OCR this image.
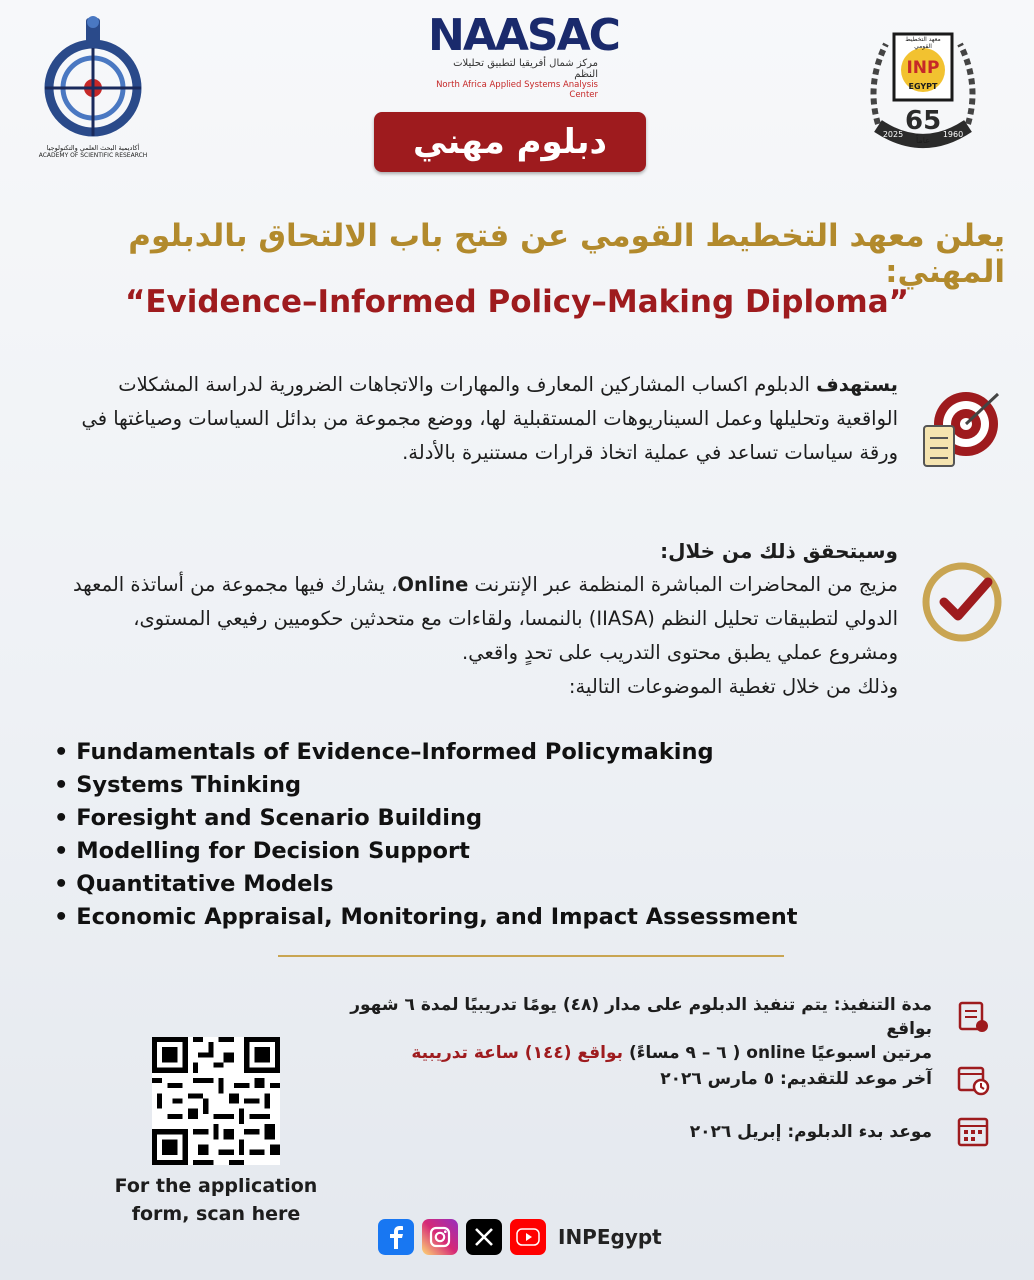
أكاديمية البحث العلمي والتكنولوجيا
ACADEMY OF SCIENTIFIC RESEARCH
NAASAC
مركز شمال أفريقيا لتطبيق تحليلات النظم
North Africa Applied Systems Analysis Center
معهد التخطيط القومي
INP
EGYPT
65
عاماً
2025	1960
دبلوم مهني
يعلن معهد التخطيط القومي عن فتح باب الالتحاق بالدبلوم المهني:
“Evidence–Informed Policy–Making Diploma”
يستهدف الدبلوم اكساب المشاركين المعارف والمهارات والاتجاهات الضرورية لدراسة المشكلات الواقعية وتحليلها وعمل السيناريوهات المستقبلية لها، ووضع مجموعة من بدائل السياسات وصياغتها في ورقة سياسات تساعد في عملية اتخاذ قرارات مستنيرة بالأدلة.
وسيتحقق ذلك من خلال:
مزيج من المحاضرات المباشرة المنظمة عبر الإنترنت Online، يشارك فيها مجموعة من أساتذة المعهد الدولي لتطبيقات تحليل النظم (IIASA) بالنمسا، ولقاءات مع متحدثين حكوميين رفيعي المستوى، ومشروع عملي يطبق محتوى التدريب على تحدٍ واقعي.
وذلك من خلال تغطية الموضوعات التالية:
• Fundamentals of Evidence–Informed Policymaking
• Systems Thinking
• Foresight and Scenario Building
• Modelling for Decision Support
• Quantitative Models
• Economic Appraisal, Monitoring, and Impact Assessment
مدة التنفيذ: يتم تنفيذ الدبلوم على مدار (٤٨) يومًا تدريبيًا لمدة ٦ شهور بواقع
مرتين اسبوعيًا online ( ٦ – ٩ مساءً) بواقع (١٤٤) ساعة تدريبية
آخر موعد للتقديم: ٥ مارس ٢٠٢٦
موعد بدء الدبلوم: إبريل ٢٠٢٦
For the application form, scan here
INPEgypt
